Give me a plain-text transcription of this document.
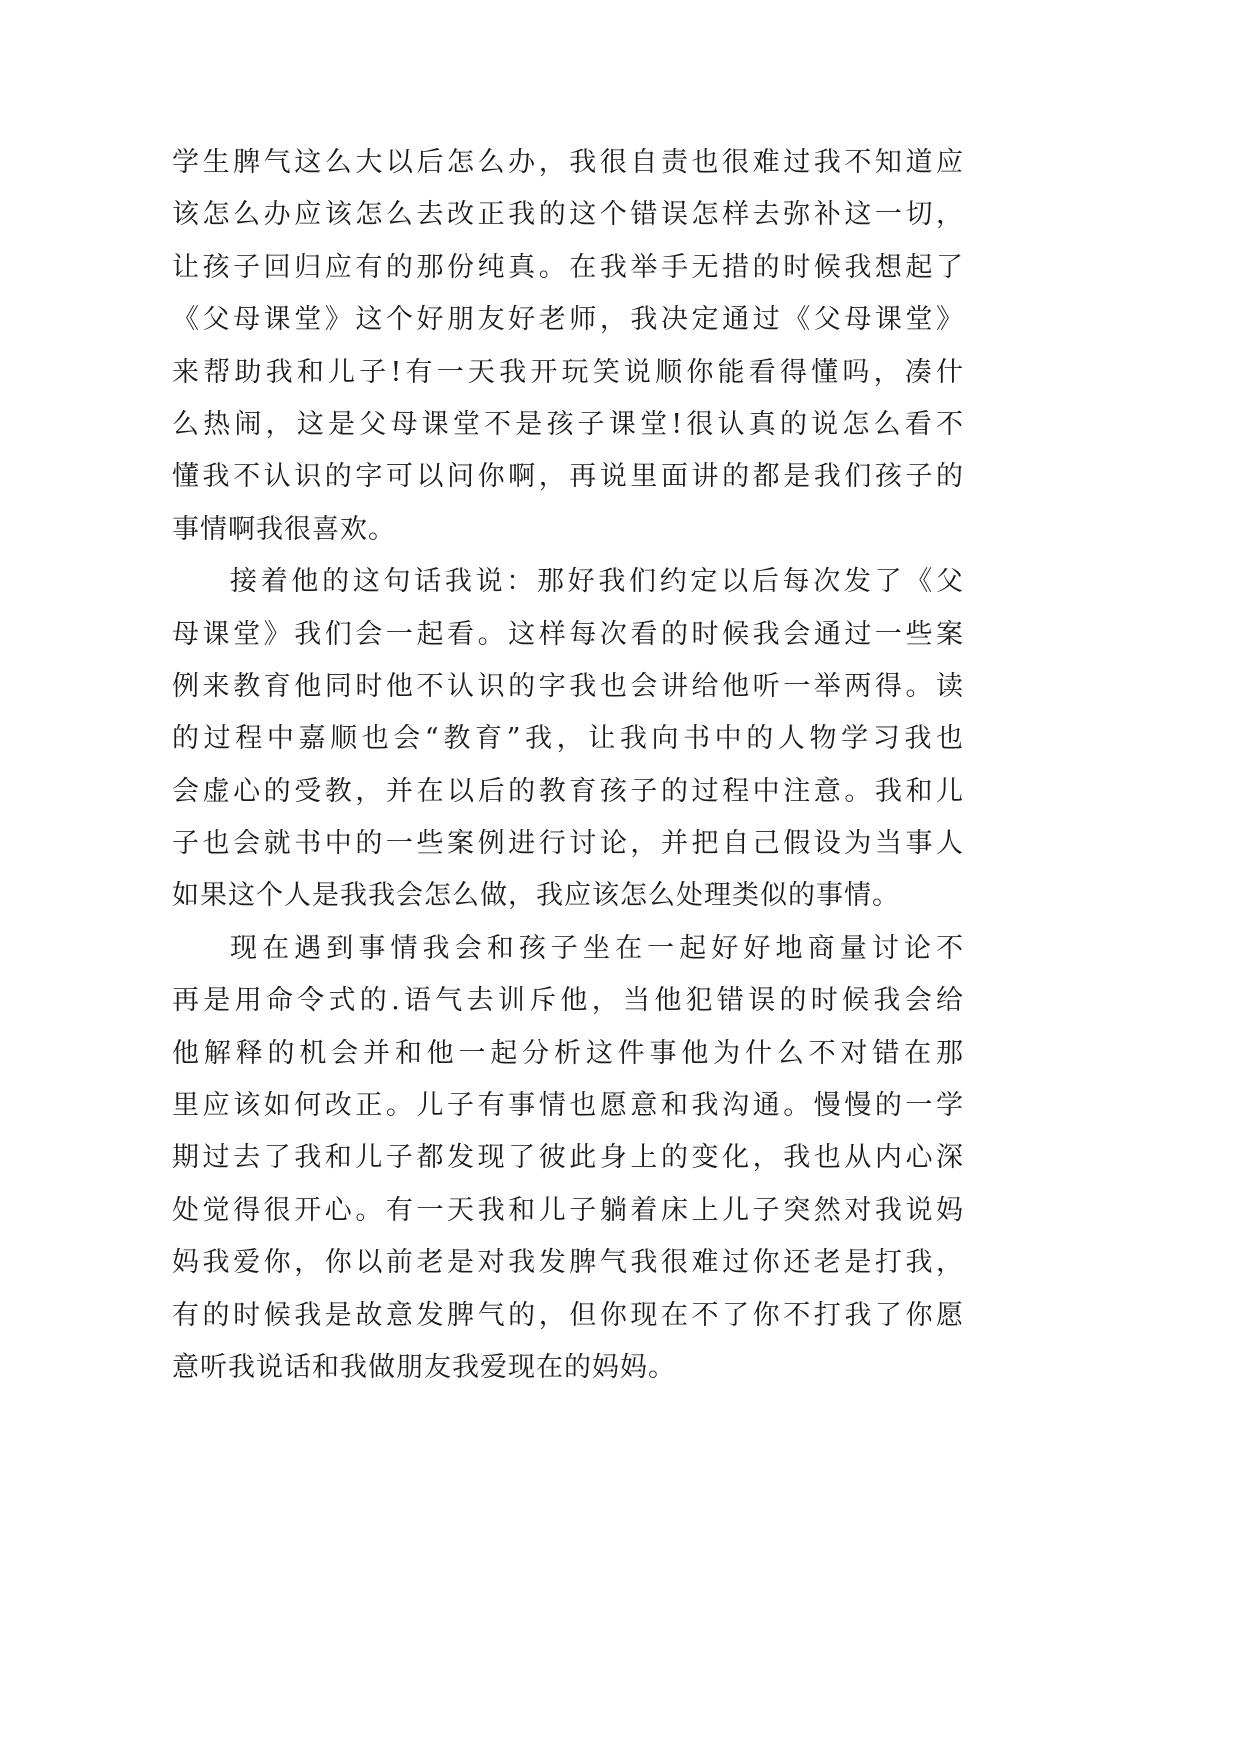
学生脾气这么大以后怎么办，我很自责也很难过我不知道应
该怎么办应该怎么去改正我的这个错误怎样去弥补这一切，
让孩子回归应有的那份纯真。在我举手无措的时候我想起了
《父母课堂》这个好朋友好老师，我决定通过《父母课堂》
来帮助我和儿子!有一天我开玩笑说顺你能看得懂吗，凑什
么热闹，这是父母课堂不是孩子课堂!很认真的说怎么看不
懂我不认识的字可以问你啊，再说里面讲的都是我们孩子的
事情啊我很喜欢。
接着他的这句话我说：那好我们约定以后每次发了《父
母课堂》我们会一起看。这样每次看的时候我会通过一些案
例来教育他同时他不认识的字我也会讲给他听一举两得。读
的过程中嘉顺也会“教育”我，让我向书中的人物学习我也
会虚心的受教，并在以后的教育孩子的过程中注意。我和儿
子也会就书中的一些案例进行讨论，并把自己假设为当事人
如果这个人是我我会怎么做，我应该怎么处理类似的事情。
现在遇到事情我会和孩子坐在一起好好地商量讨论不
再是用命令式的.语气去训斥他，当他犯错误的时候我会给
他解释的机会并和他一起分析这件事他为什么不对错在那
里应该如何改正。儿子有事情也愿意和我沟通。慢慢的一学
期过去了我和儿子都发现了彼此身上的变化，我也从内心深
处觉得很开心。有一天我和儿子躺着床上儿子突然对我说妈
妈我爱你，你以前老是对我发脾气我很难过你还老是打我，
有的时候我是故意发脾气的，但你现在不了你不打我了你愿
意听我说话和我做朋友我爱现在的妈妈。
